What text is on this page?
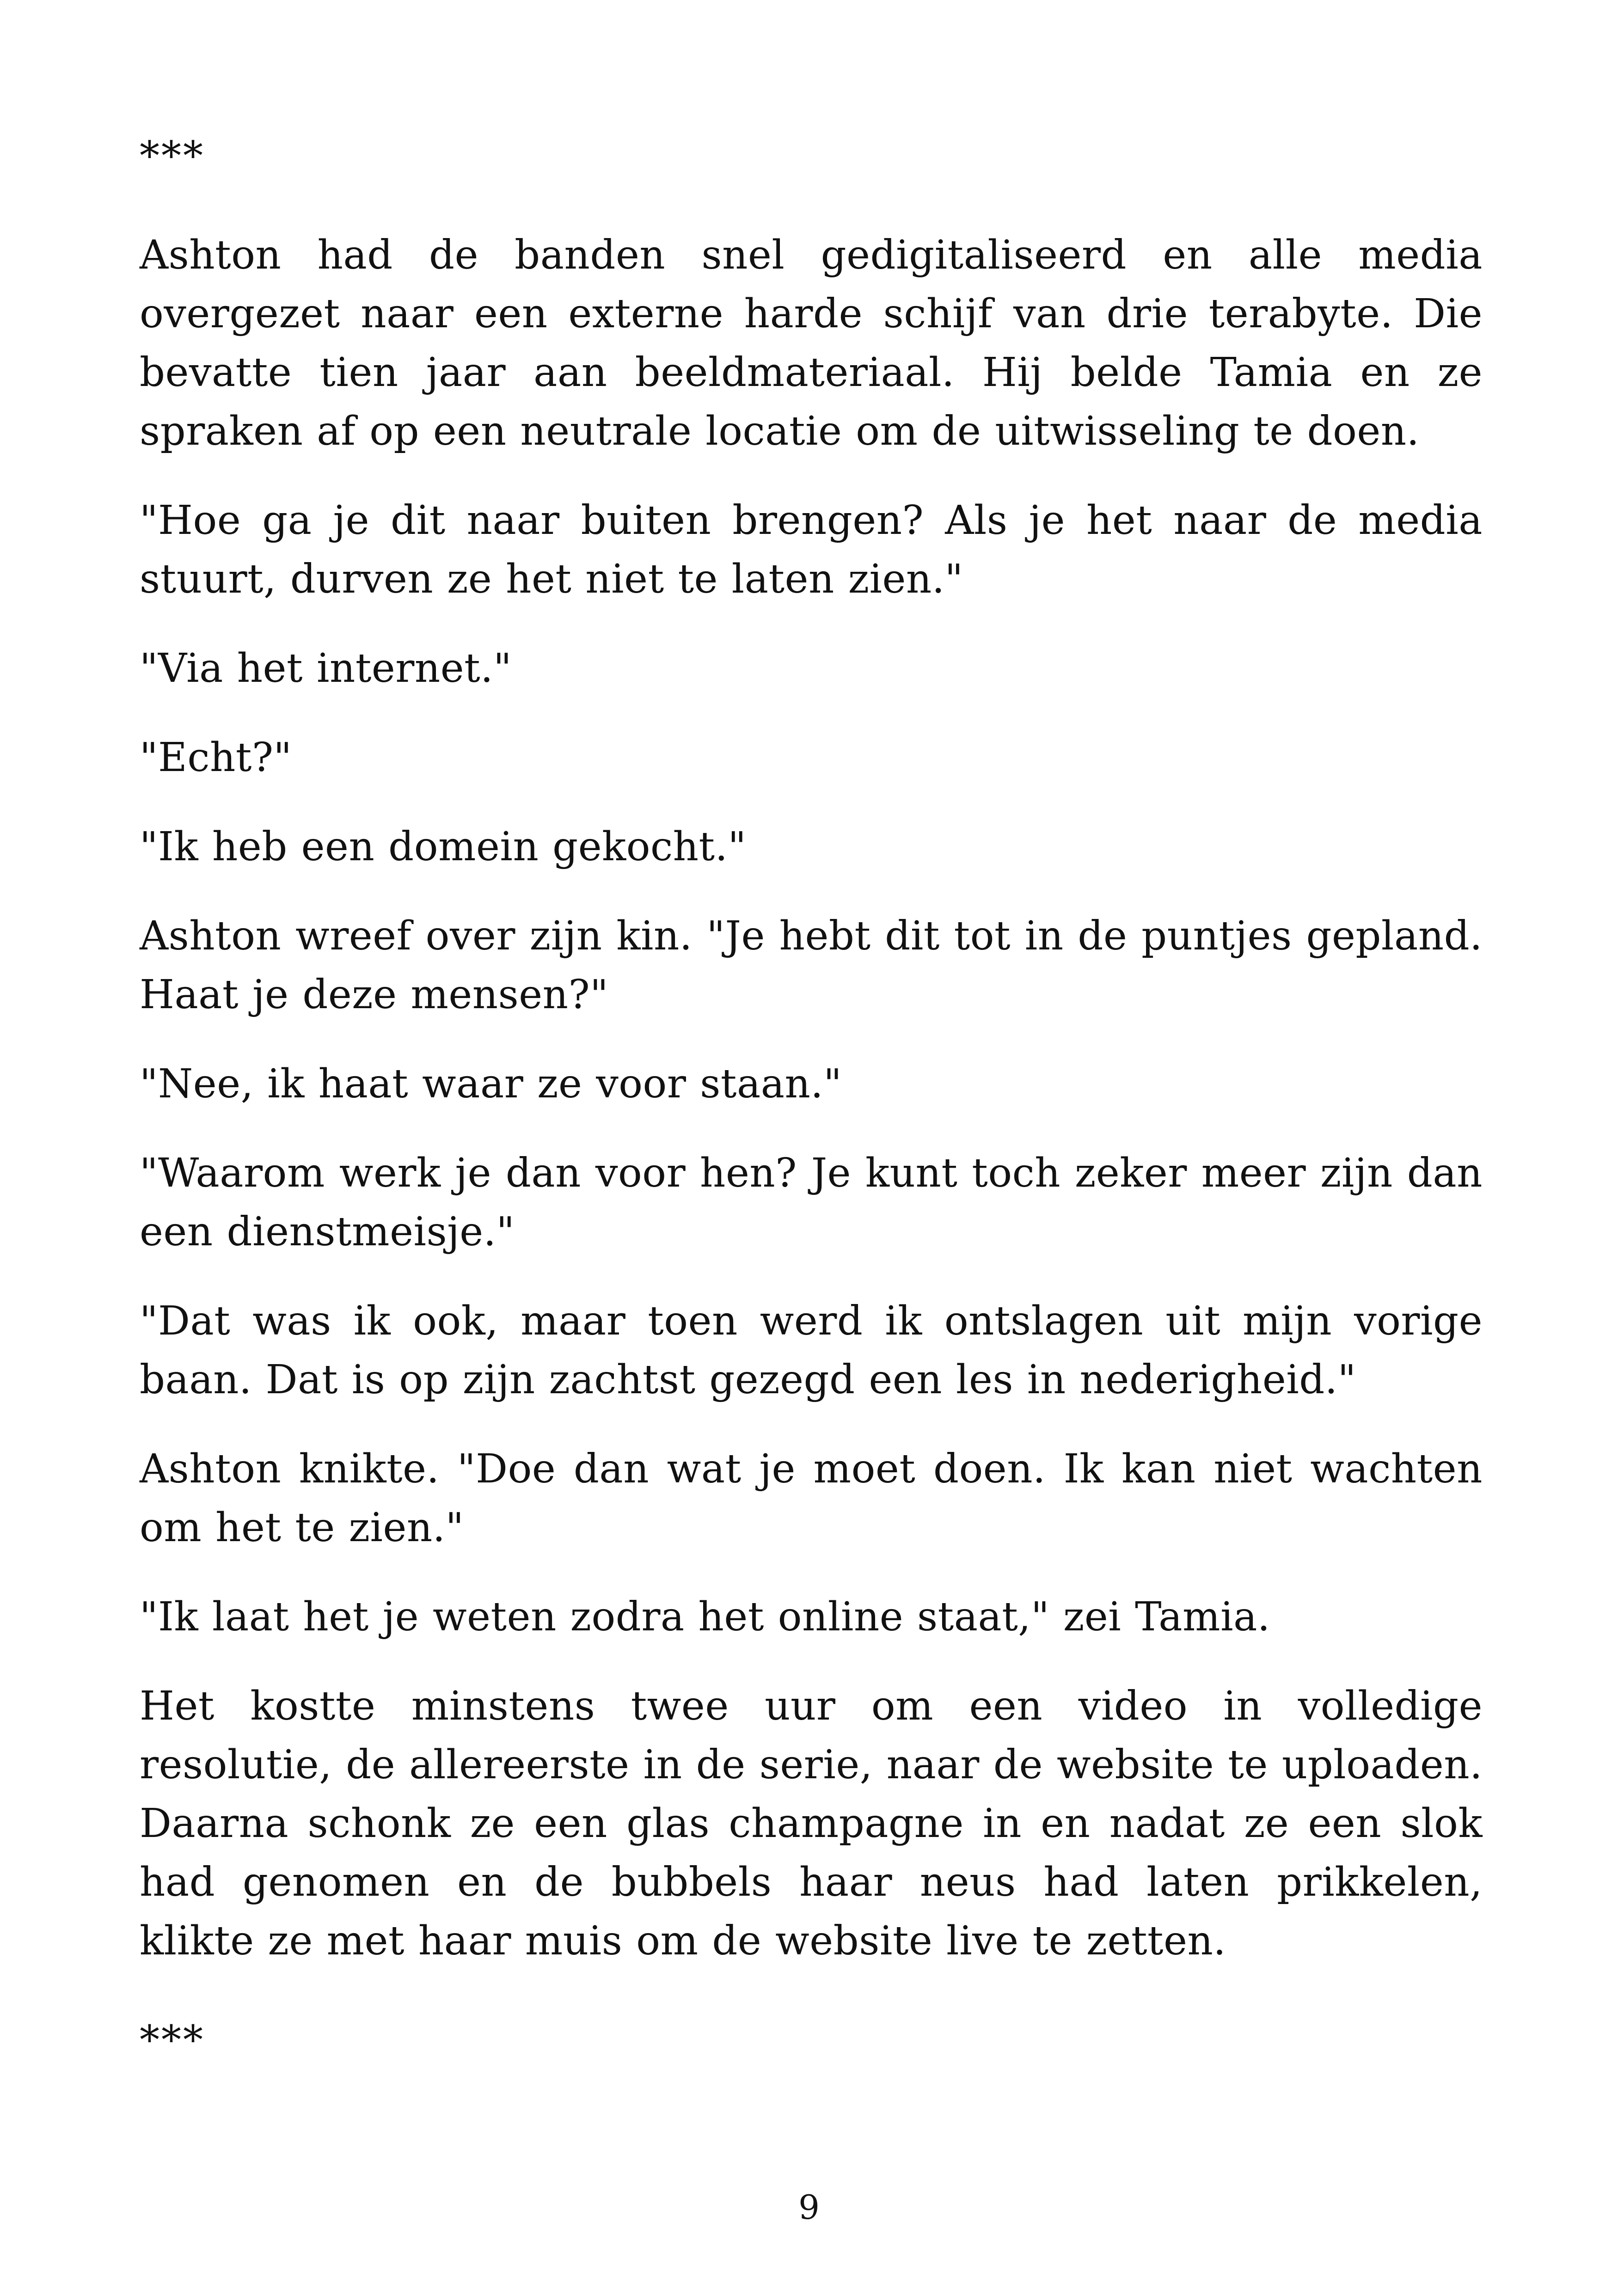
***

Ashton had de banden snel gedigitaliseerd en alle media overgezet naar een externe harde schijf van drie terabyte. Die bevatte tien jaar aan beeldmateriaal. Hij belde Tamia en ze spraken af op een neutrale locatie om de uitwisseling te doen.

"Hoe ga je dit naar buiten brengen? Als je het naar de media stuurt, durven ze het niet te laten zien."

"Via het internet."

"Echt?"

"Ik heb een domein gekocht."

Ashton wreef over zijn kin. "Je hebt dit tot in de puntjes gepland. Haat je deze mensen?"

"Nee, ik haat waar ze voor staan."

"Waarom werk je dan voor hen? Je kunt toch zeker meer zijn dan een dienstmeisje."

"Dat was ik ook, maar toen werd ik ontslagen uit mijn vorige baan. Dat is op zijn zachtst gezegd een les in nederigheid."

Ashton knikte. "Doe dan wat je moet doen. Ik kan niet wachten om het te zien."

"Ik laat het je weten zodra het online staat," zei Tamia.

Het kostte minstens twee uur om een video in volledige resolutie, de allereerste in de serie, naar de website te uploaden. Daarna schonk ze een glas champagne in en nadat ze een slok had genomen en de bubbels haar neus had laten prikkelen, klikte ze met haar muis om de website live te zetten.

***

9
